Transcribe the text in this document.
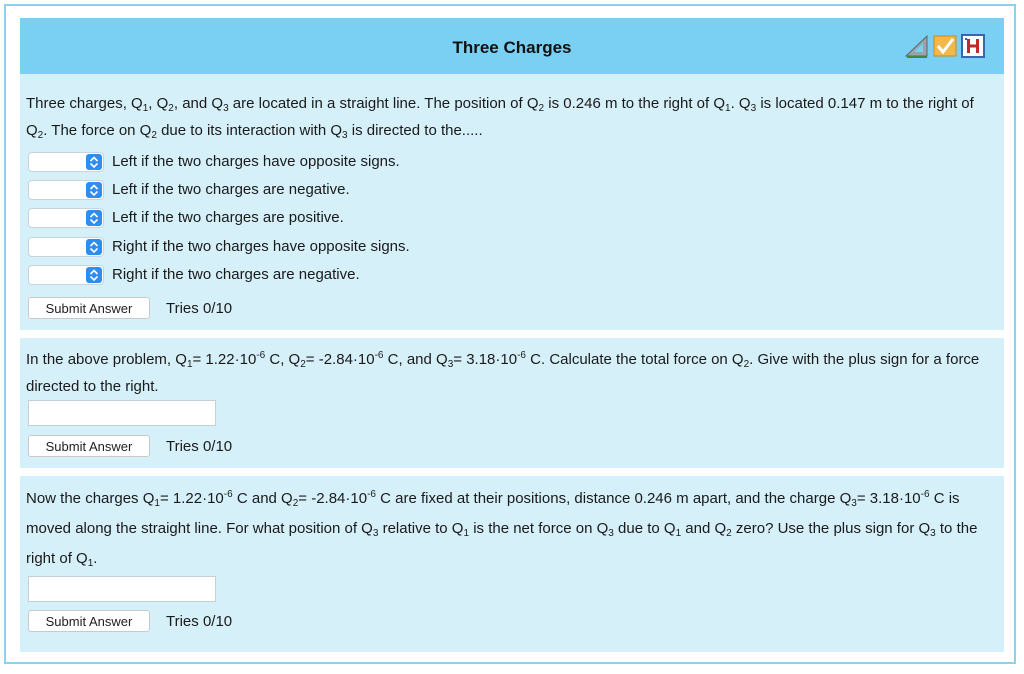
Three Charges
Three charges, $Q_1$, $Q_2$, and $Q_3$ are located in a straight line. The position of $Q_2$ is 0.246 m to the right of $Q_1$. $Q_3$ is located 0.147 m to the right of $Q_2$. The force on $Q_2$ due to its interaction with $Q_3$ is directed to the.....
Left if the two charges have opposite signs.
Left if the two charges are negative.
Left if the two charges are positive.
Right if the two charges have opposite signs.
Right if the two charges are negative.
Submit Answer	Tries 0/10
In the above problem, $Q_1= 1.22\cdot 10^{-6}$ C, $Q_2= -2.84\cdot 10^{-6}$ C, and $Q_3= 3.18\cdot 10^{-6}$ C. Calculate the total force on $Q_2$. Give with the plus sign for a force directed to the right.
Submit Answer	Tries 0/10
Now the charges $Q_1= 1.22\cdot 10^{-6}$ C and $Q_2= -2.84\cdot 10^{-6}$ C are fixed at their positions, distance 0.246 m apart, and the charge $Q_3= 3.18\cdot 10^{-6}$ C is moved along the straight line. For what position of $Q_3$ relative to $Q_1$ is the net force on $Q_3$ due to $Q_1$ and $Q_2$ zero? Use the plus sign for $Q_3$ to the right of $Q_1$.
Submit Answer	Tries 0/10
